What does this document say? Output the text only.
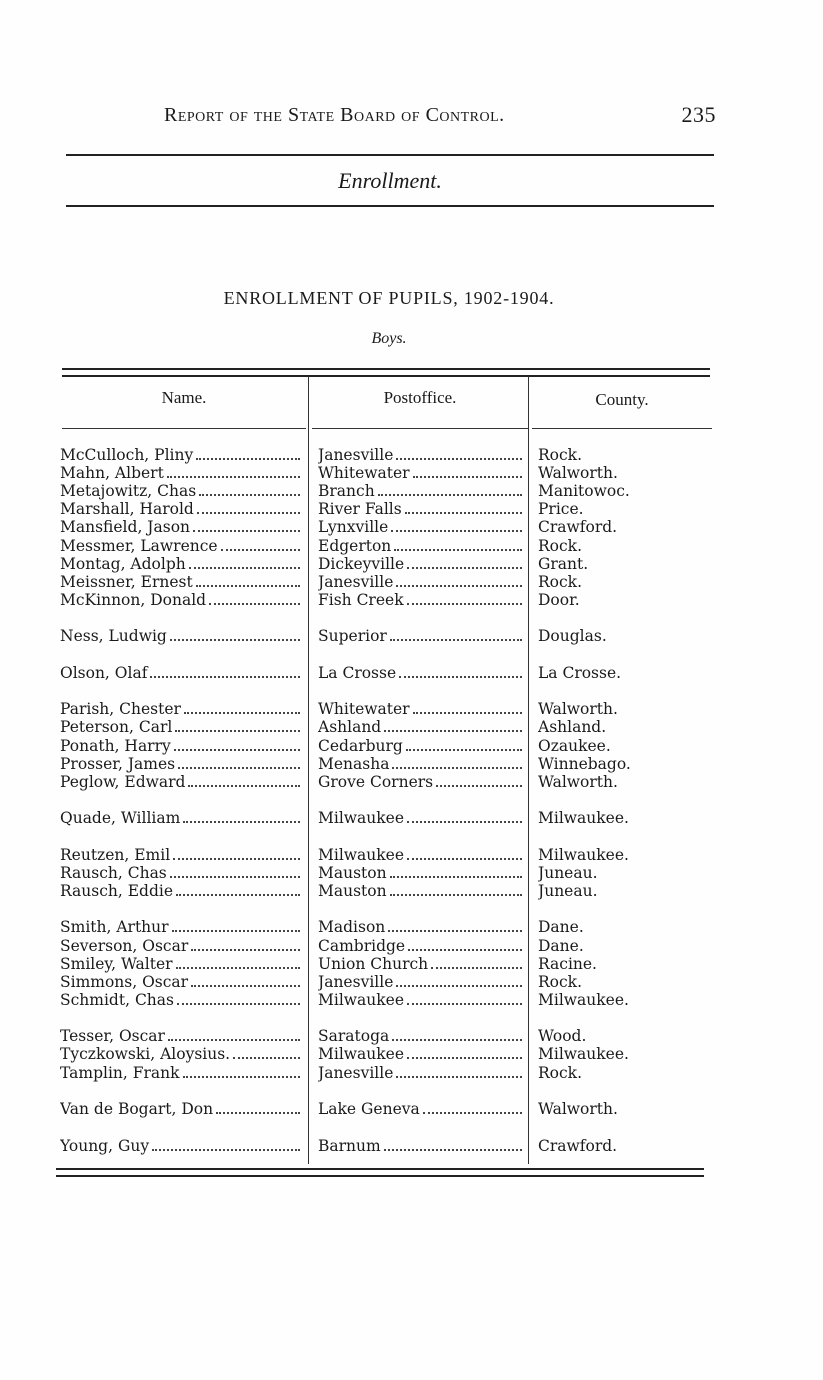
Report of the State Board of Control.	235
Enrollment.
ENROLLMENT OF PUPILS, 1902-1904.
Boys.
Name.	Postoffice.	County.
McCulloch, Pliny	Janesville	Rock.
Mahn, Albert	Whitewater	Walworth.
Metajowitz, Chas	Branch	Manitowoc.
Marshall, Harold	River Falls	Price.
Mansfield, Jason	Lynxville	Crawford.
Messmer, Lawrence	Edgerton	Rock.
Montag, Adolph	Dickeyville	Grant.
Meissner, Ernest	Janesville	Rock.
McKinnon, Donald	Fish Creek	Door.
Ness, Ludwig	Superior	Douglas.
Olson, Olaf	La Crosse	La Crosse.
Parish, Chester	Whitewater	Walworth.
Peterson, Carl	Ashland	Ashland.
Ponath, Harry	Cedarburg	Ozaukee.
Prosser, James	Menasha	Winnebago.
Peglow, Edward	Grove Corners	Walworth.
Quade, William	Milwaukee	Milwaukee.
Reutzen, Emil	Milwaukee	Milwaukee.
Rausch, Chas	Mauston	Juneau.
Rausch, Eddie	Mauston	Juneau.
Smith, Arthur	Madison	Dane.
Severson, Oscar	Cambridge	Dane.
Smiley, Walter	Union Church	Racine.
Simmons, Oscar	Janesville	Rock.
Schmidt, Chas	Milwaukee	Milwaukee.
Tesser, Oscar	Saratoga	Wood.
Tyczkowski, Aloysius.	Milwaukee	Milwaukee.
Tamplin, Frank	Janesville	Rock.
Van de Bogart, Don	Lake Geneva	Walworth.
Young, Guy	Barnum	Crawford.
